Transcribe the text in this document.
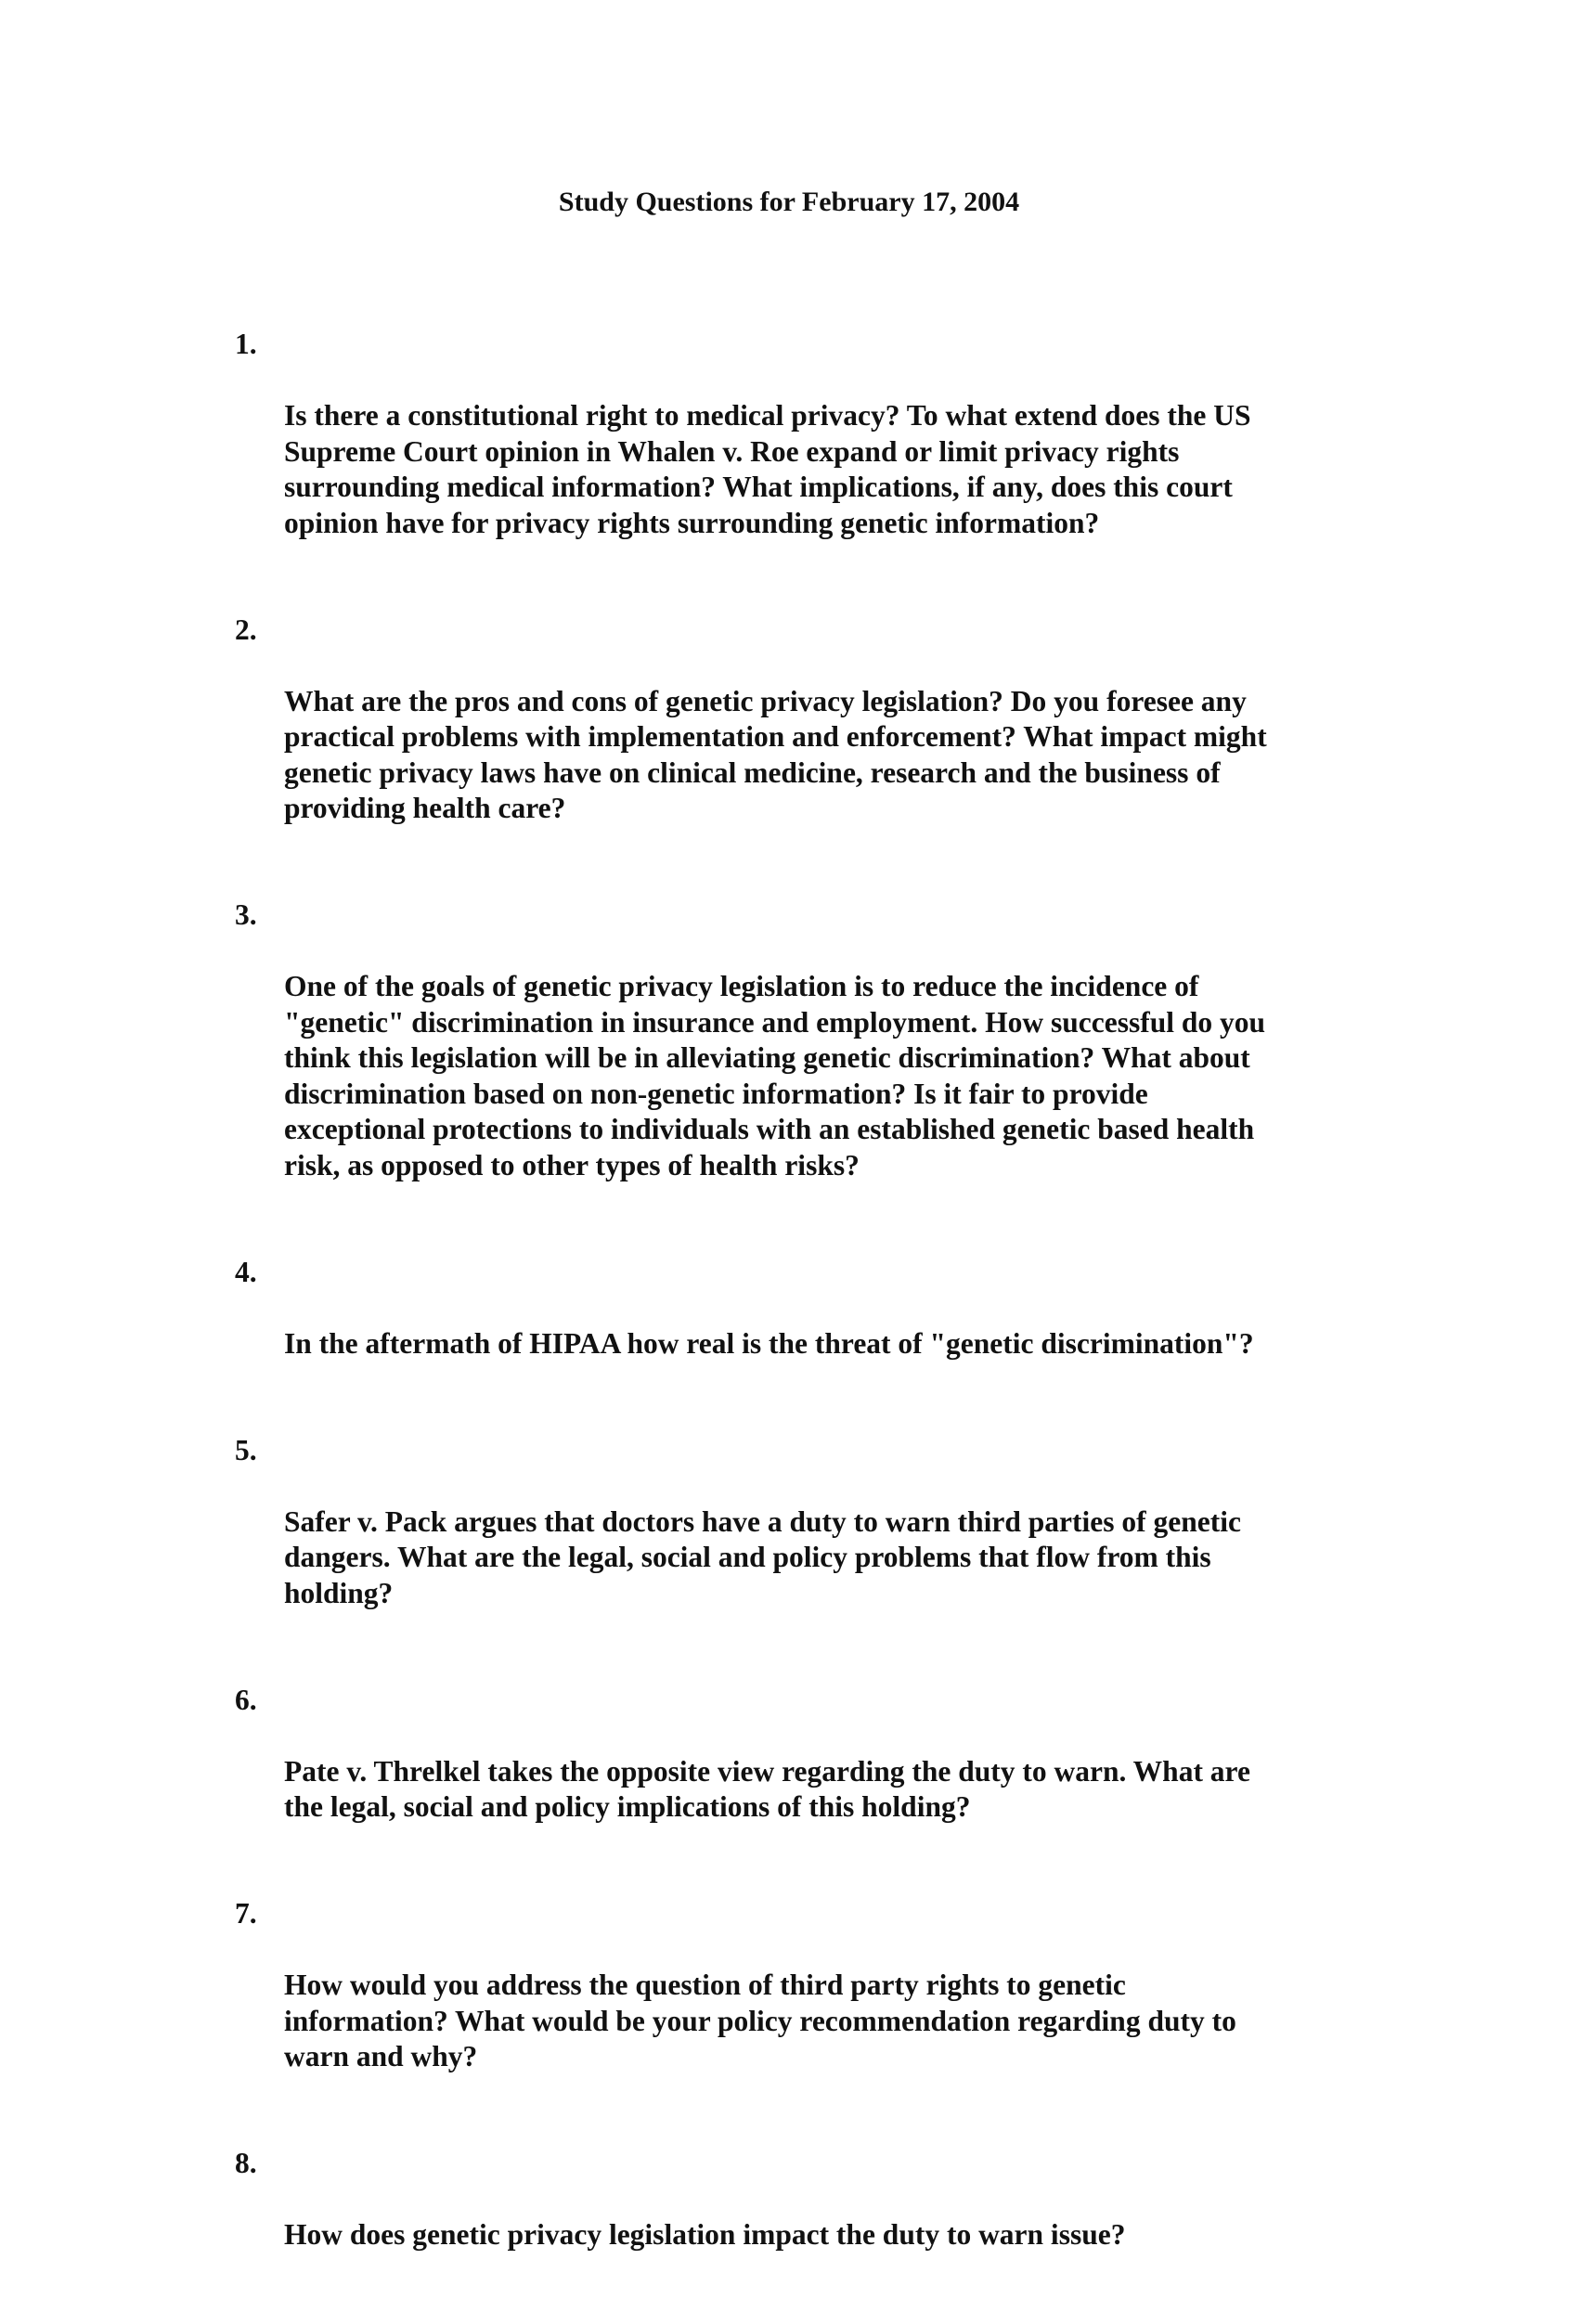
Study Questions for February 17, 2004

1.

Is there a constitutional right to medical privacy? To what extend does the US
Supreme Court opinion in Whalen v. Roe expand or limit privacy rights
surrounding medical information? What implications, if any, does this court
opinion have for privacy rights surrounding genetic information?

2.

What are the pros and cons of genetic privacy legislation? Do you foresee any
practical problems with implementation and enforcement? What impact might
genetic privacy laws have on clinical medicine, research and the business of
providing health care?

3.

One of the goals of genetic privacy legislation is to reduce the incidence of
"genetic" discrimination in insurance and employment. How successful do you
think this legislation will be in alleviating genetic discrimination? What about
discrimination based on non-genetic information? Is it fair to provide
exceptional protections to individuals with an established genetic based health
risk, as opposed to other types of health risks?

4.

In the aftermath of HIPAA how real is the threat of "genetic discrimination"?

5.

Safer v. Pack argues that doctors have a duty to warn third parties of genetic
dangers. What are the legal, social and policy problems that flow from this
holding?

6.

Pate v. Threlkel takes the opposite view regarding the duty to warn. What are
the legal, social and policy implications of this holding?

7.

How would you address the question of third party rights to genetic
information? What would be your policy recommendation regarding duty to
warn and why?

8.

How does genetic privacy legislation impact the duty to warn issue?
